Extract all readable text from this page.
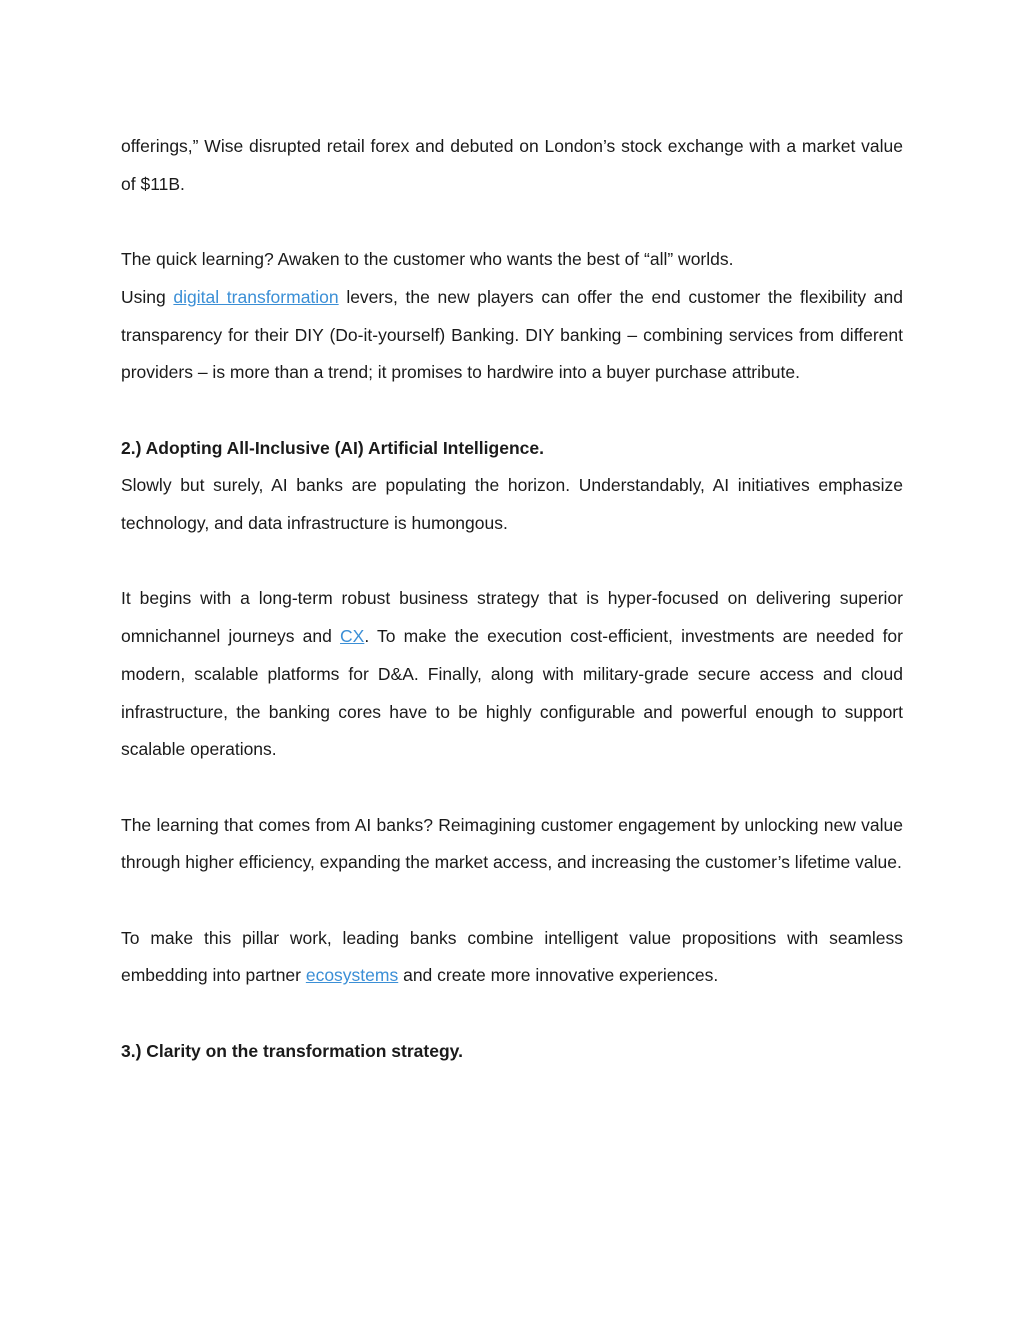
offerings,” Wise disrupted retail forex and debuted on London’s stock exchange with a market value of $11B.

The quick learning? Awaken to the customer who wants the best of “all” worlds.

Using digital transformation levers, the new players can offer the end customer the flexibility and transparency for their DIY (Do-it-yourself) Banking. DIY banking – combining services from different providers – is more than a trend; it promises to hardwire into a buyer purchase attribute.

2.) Adopting All-Inclusive (AI) Artificial Intelligence.

Slowly but surely, AI banks are populating the horizon. Understandably, AI initiatives emphasize technology, and data infrastructure is humongous.

It begins with a long-term robust business strategy that is hyper-focused on delivering superior omnichannel journeys and CX. To make the execution cost-efficient, investments are needed for modern, scalable platforms for D&A. Finally, along with military-grade secure access and cloud infrastructure, the banking cores have to be highly configurable and powerful enough to support scalable operations.

The learning that comes from AI banks? Reimagining customer engagement by unlocking new value through higher efficiency, expanding the market access, and increasing the customer’s lifetime value.

To make this pillar work, leading banks combine intelligent value propositions with seamless embedding into partner ecosystems and create more innovative experiences.

3.) Clarity on the transformation strategy.
